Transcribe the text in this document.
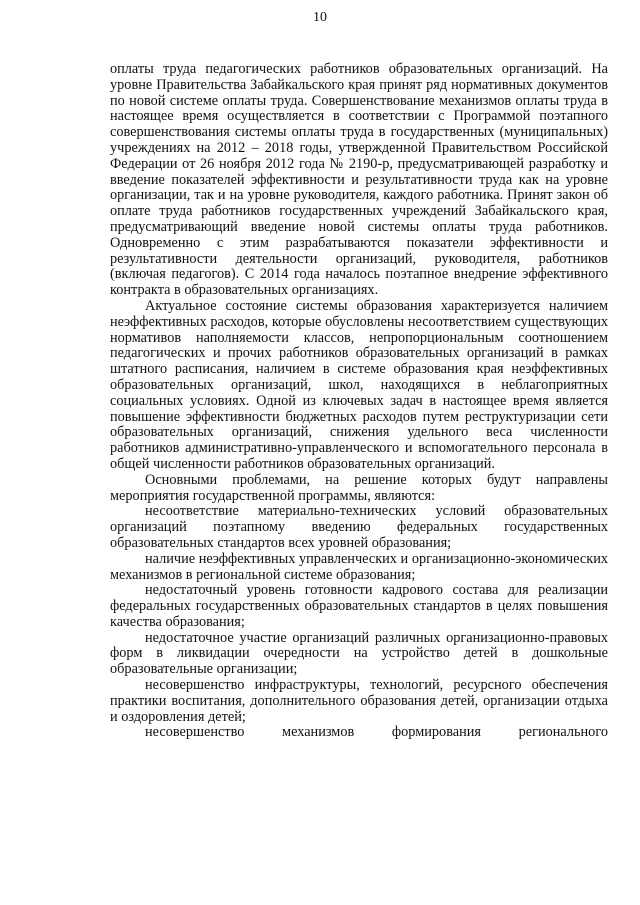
10

оплаты труда педагогических работников образовательных организаций. На уровне Правительства Забайкальского края принят ряд нормативных документов по новой системе оплаты труда. Совершенствование механизмов оплаты труда в настоящее время осуществляется в соответствии с Программой поэтапного совершенствования системы оплаты труда в государственных (муниципальных) учреждениях на 2012 – 2018 годы, утвержденной Правительством Российской Федерации от 26 ноября 2012 года № 2190-р, предусматривающей разработку и введение показателей эффективности и результативности труда как на уровне организации, так и на уровне руководителя, каждого работника. Принят закон об оплате труда работников государственных учреждений Забайкальского края, предусматривающий введение новой системы оплаты труда работников. Одновременно с этим разрабатываются показатели эффективности и результативности деятельности организаций, руководителя, работников (включая педагогов). С 2014 года началось поэтапное внедрение эффективного контракта в образовательных организациях.

Актуальное состояние системы образования характеризуется наличием неэффективных расходов, которые обусловлены несоответствием существующих нормативов наполняемости классов, непропорциональным соотношением педагогических и прочих работников образовательных организаций в рамках штатного расписания, наличием в системе образования края неэффективных образовательных организаций, школ, находящихся в неблагоприятных социальных условиях. Одной из ключевых задач в настоящее время является повышение эффективности бюджетных расходов путем реструктуризации сети образовательных организаций, снижения удельного веса численности работников административно-управленческого и вспомогательного персонала в общей численности работников образовательных организаций.

Основными проблемами, на решение которых будут направлены мероприятия государственной программы, являются:

несоответствие материально-технических условий образовательных организаций поэтапному введению федеральных государственных образовательных стандартов всех уровней образования;

наличие неэффективных управленческих и организационно-экономических механизмов в региональной системе образования;

недостаточный уровень готовности кадрового состава для реализации федеральных государственных образовательных стандартов в целях повышения качества образования;

недостаточное участие организаций различных организационно-правовых форм в ликвидации очередности на устройство детей в дошкольные образовательные организации;

несовершенство инфраструктуры, технологий, ресурсного обеспечения практики воспитания, дополнительного образования детей, организации отдыха и оздоровления детей;

несовершенство механизмов формирования регионального
